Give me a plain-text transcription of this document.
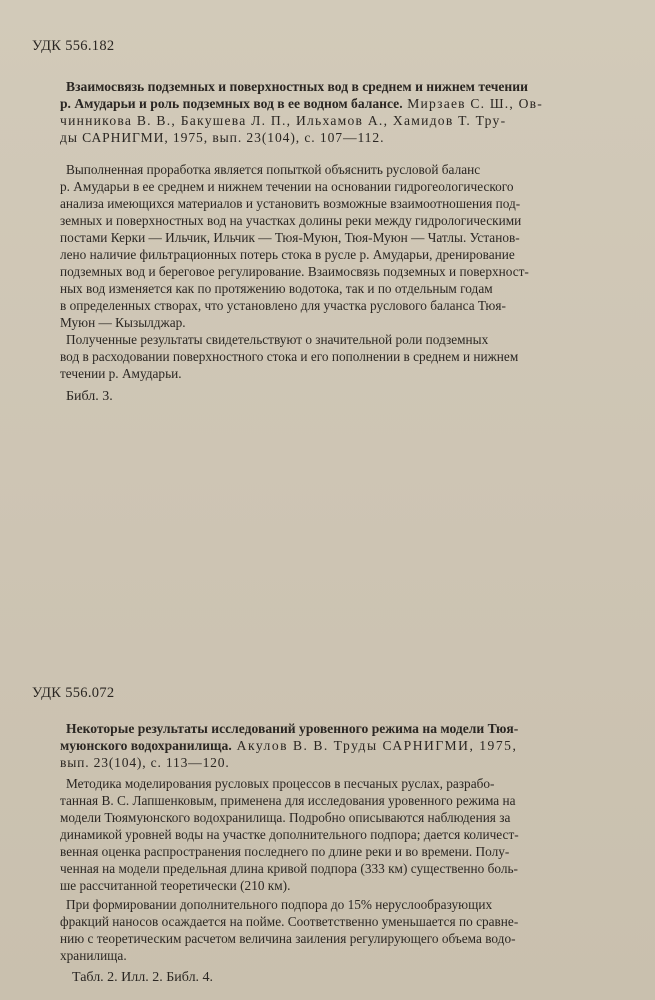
УДК 556.182

Взаимосвязь подземных и поверхностных вод в среднем и нижнем течении

р. Амударьи и роль подземных вод в ее водном балансе. Мирзаев С. Ш., Ов-

чинникова В. В., Бакушева Л. П., Ильхамов А., Хамидов Т. Тру-

ды САРНИГМИ, 1975, вып. 23(104), с. 107—112.

Выполненная проработка является попыткой объяснить русловой баланс

р. Амударьи в ее среднем и нижнем течении на основании гидрогеологического

анализа имеющихся материалов и установить возможные взаимоотношения под-

земных и поверхностных вод на участках долины реки между гидрологическими

постами Керки — Ильчик, Ильчик — Тюя-Муюн, Тюя-Муюн — Чатлы. Установ-

лено наличие фильтрационных потерь стока в русле р. Амударьи, дренирование

подземных вод и береговое регулирование. Взаимосвязь подземных и поверхност-

ных вод изменяется как по протяжению водотока, так и по отдельным годам

в определенных створах, что установлено для участка руслового баланса Тюя-

Муюн — Кызылджар.

Полученные результаты свидетельствуют о значительной роли подземных

вод в расходовании поверхностного стока и его пополнении в среднем и нижнем

течении р. Амударьи.

Библ. 3.

УДК 556.072

Некоторые результаты исследований уровенного режима на модели Тюя-

муюнского водохранилища. Акулов В. В. Труды САРНИГМИ, 1975,

вып. 23(104), с. 113—120.

Методика моделирования русловых процессов в песчаных руслах, разрабо-

танная В. С. Лапшенковым, применена для исследования уровенного режима на

модели Тюямуюнского водохранилища. Подробно описываются наблюдения за

динамикой уровней воды на участке дополнительного подпора; дается количест-

венная оценка распространения последнего по длине реки и во времени. Полу-

ченная на модели предельная длина кривой подпора (333 км) существенно боль-

ше рассчитанной теоретически (210 км).

При формировании дополнительного подпора до 15% неруслообразующих

фракций наносов осаждается на пойме. Соответственно уменьшается по сравне-

нию с теоретическим расчетом величина заиления регулирующего объема водо-

хранилища.

Табл. 2. Илл. 2. Библ. 4.
